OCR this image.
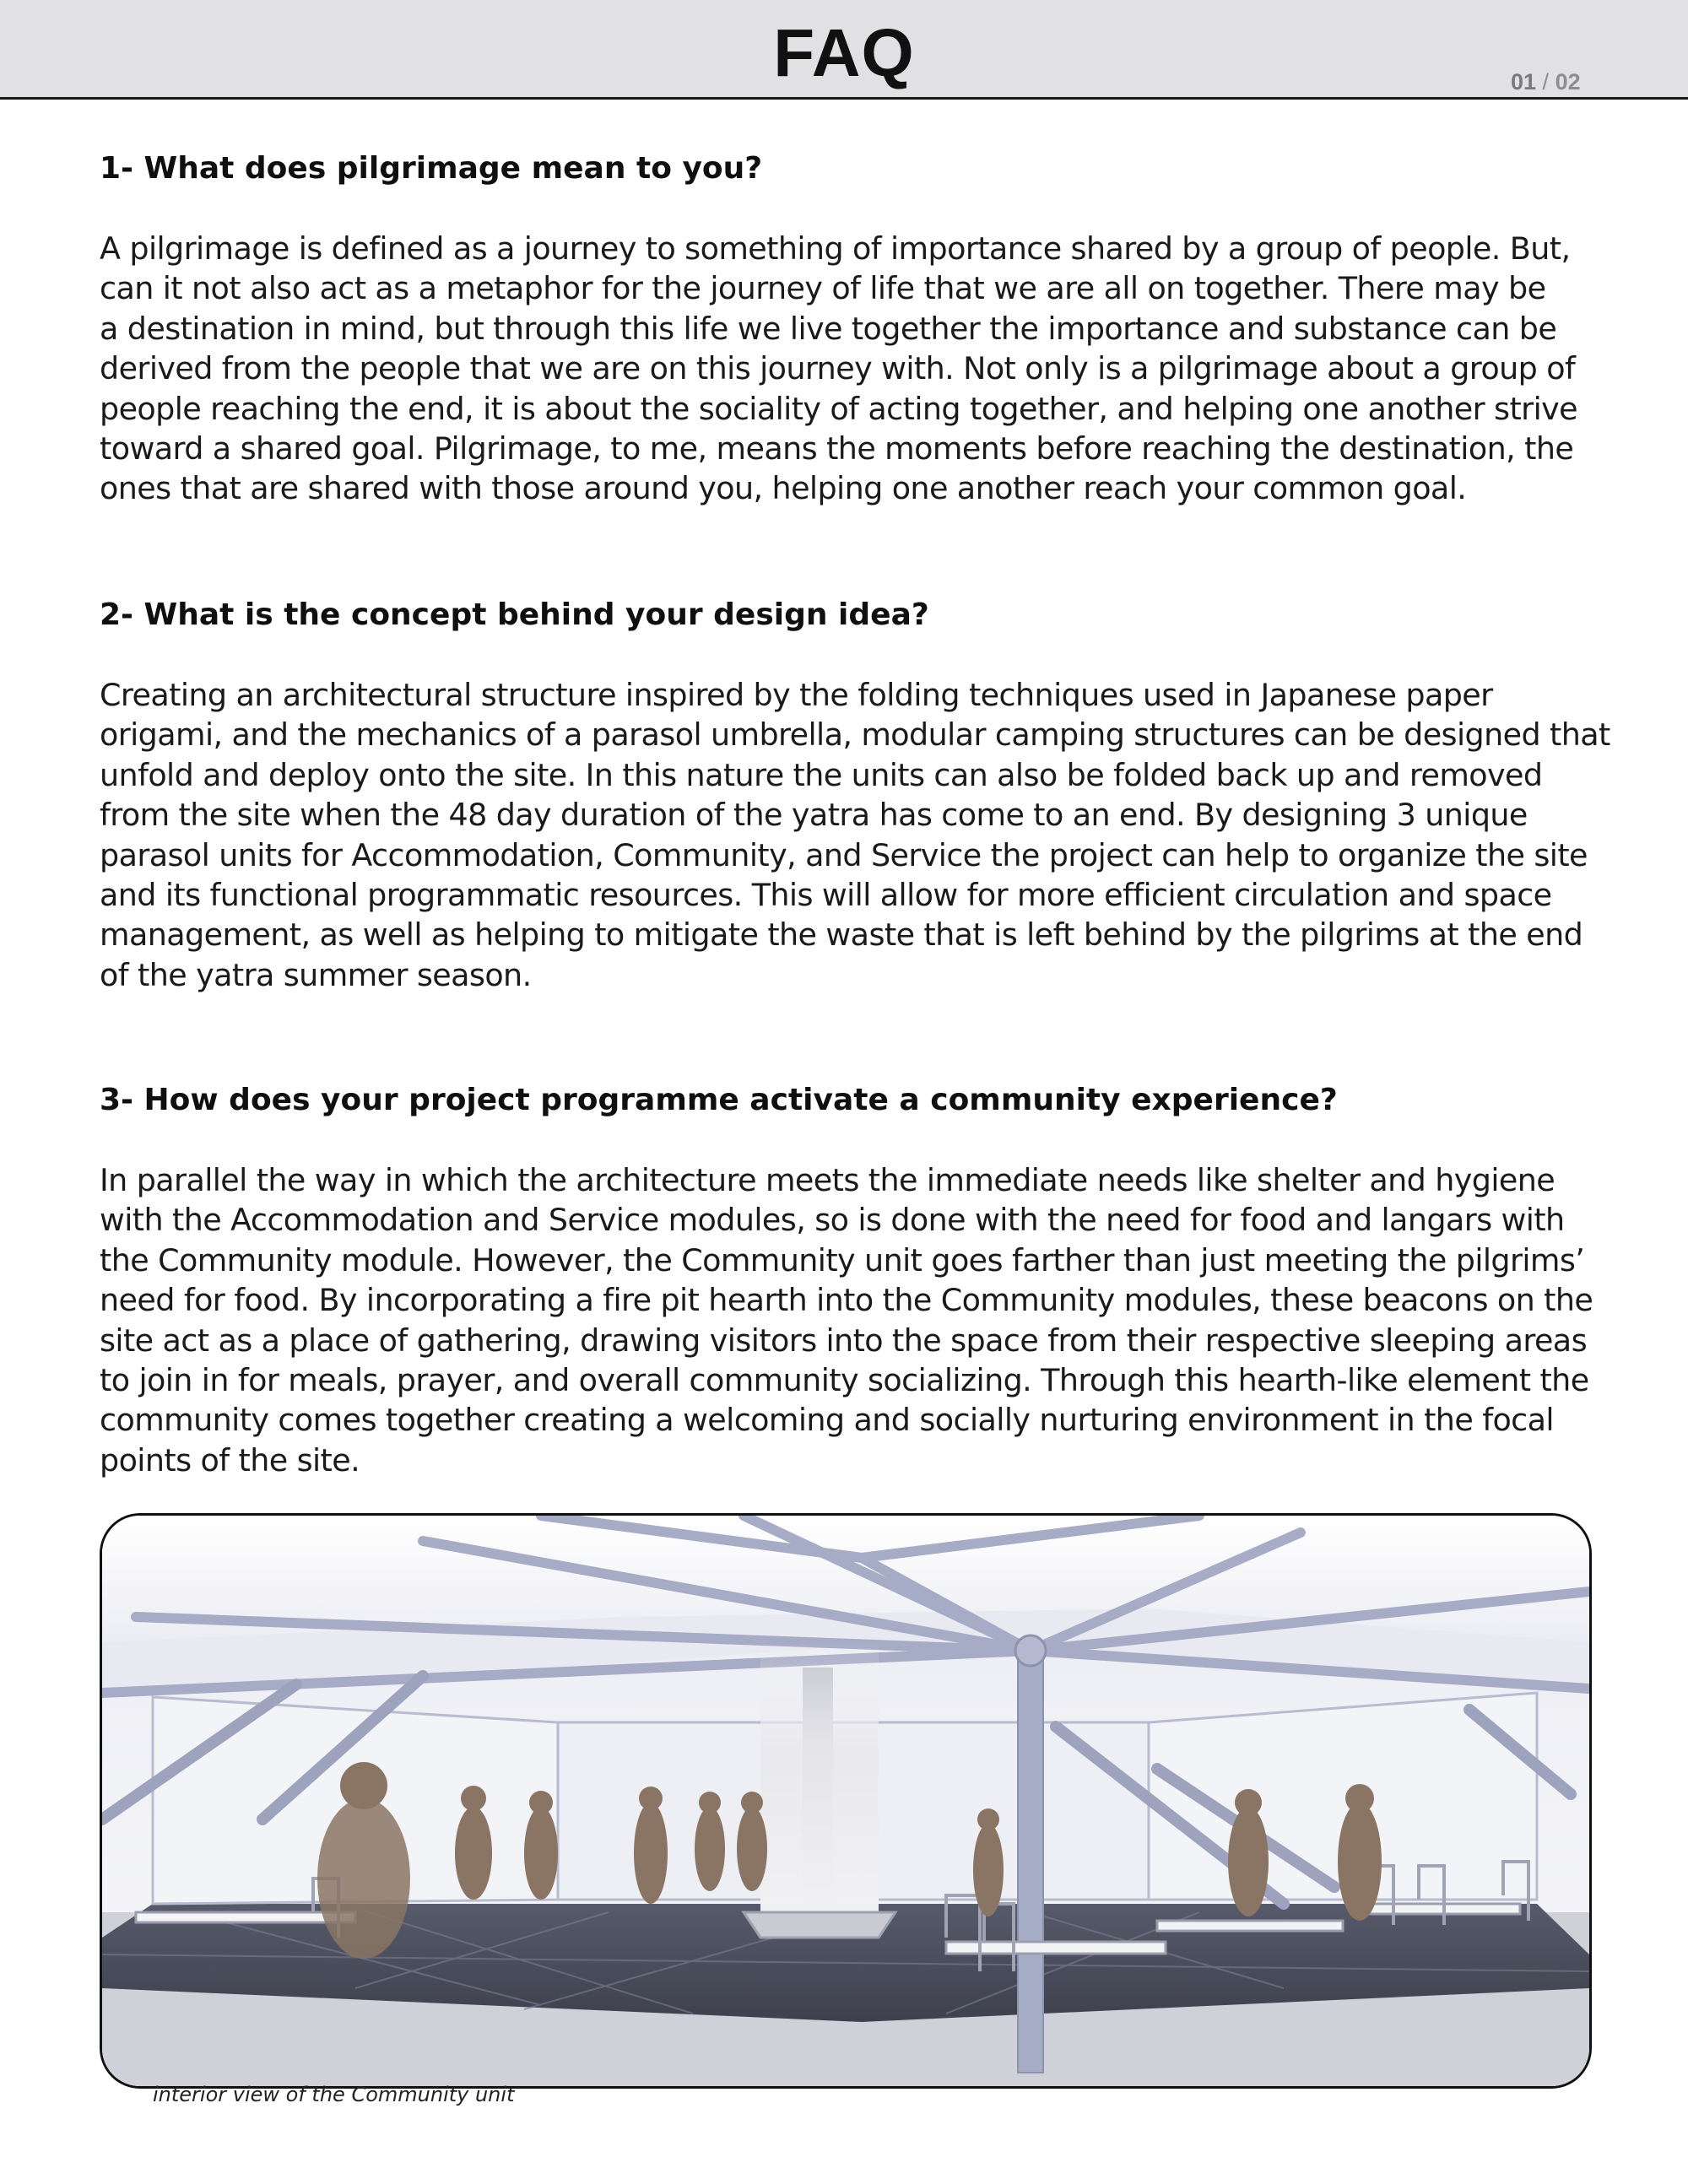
FAQ	01 / 02
1- What does pilgrimage mean to you?
A pilgrimage is defined as a journey to something of importance shared by a group of people. But,
can it not also act as a metaphor for the journey of life that we are all on together. There may be
a destination in mind, but through this life we live together the importance and substance can be
derived from the people that we are on this journey with. Not only is a pilgrimage about a group of
people reaching the end, it is about the sociality of acting together, and helping one another strive
toward a shared goal. Pilgrimage, to me, means the moments before reaching the destination, the
ones that are shared with those around you, helping one another reach your common goal.
2- What is the concept behind your design idea?
Creating an architectural structure inspired by the folding techniques used in Japanese paper
origami, and the mechanics of a parasol umbrella, modular camping structures can be designed that
unfold and deploy onto the site. In this nature the units can also be folded back up and removed
from the site when the 48 day duration of the yatra has come to an end. By designing 3 unique
parasol units for Accommodation, Community, and Service the project can help to organize the site
and its functional programmatic resources. This will allow for more efficient circulation and space
management, as well as helping to mitigate the waste that is left behind by the pilgrims at the end
of the yatra summer season.
3- How does your project programme activate a community experience?
In parallel the way in which the architecture meets the immediate needs like shelter and hygiene
with the Accommodation and Service modules, so is done with the need for food and langars with
the Community module. However, the Community unit goes farther than just meeting the pilgrims’
need for food. By incorporating a fire pit hearth into the Community modules, these beacons on the
site act as a place of gathering, drawing visitors into the space from their respective sleeping areas
to join in for meals, prayer, and overall community socializing. Through this hearth-like element the
community comes together creating a welcoming and socially nurturing environment in the focal
points of the site.
interior view of the Community unit
